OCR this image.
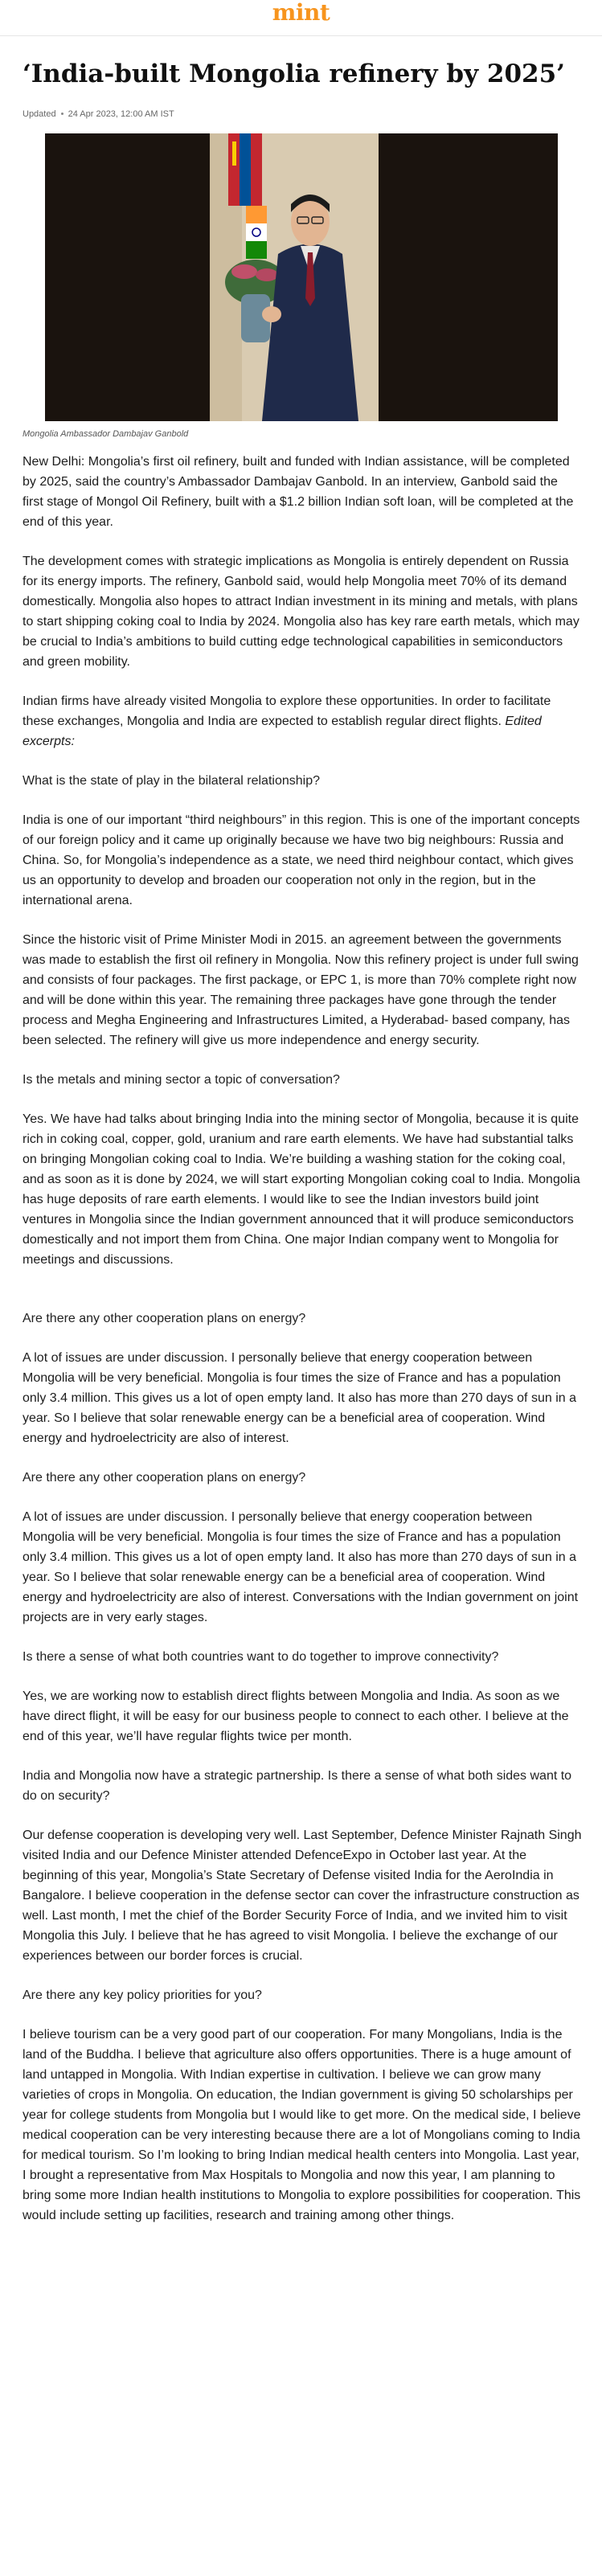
mint
‘India-built Mongolia refinery by 2025’
Updated 24 Apr 2023, 12:00 AM IST
Mongolia Ambassador Dambajav Ganbold

New Delhi: Mongolia’s first oil refinery, built and funded with Indian assistance, will be completed by 2025, said the country’s Ambassador Dambajav Ganbold. In an interview, Ganbold said the first stage of Mongol Oil Refinery, built with a $1.2 billion Indian soft loan, will be completed at the end of this year.

The development comes with strategic implications as Mongolia is entirely dependent on Russia for its energy imports. The refinery, Ganbold said, would help Mongolia meet 70% of its demand domestically. Mongolia also hopes to attract Indian investment in its mining and metals, with plans to start shipping coking coal to India by 2024. Mongolia also has key rare earth metals, which may be crucial to India’s ambitions to build cutting edge technological capabilities in semiconductors and green mobility.

Indian firms have already visited Mongolia to explore these opportunities. In order to facilitate these exchanges, Mongolia and India are expected to establish regular direct flights. Edited excerpts:

What is the state of play in the bilateral relationship?

India is one of our important “third neighbours” in this region. This is one of the important concepts of our foreign policy and it came up originally because we have two big neighbours: Russia and China. So, for Mongolia’s independence as a state, we need third neighbour contact, which gives us an opportunity to develop and broaden our cooperation not only in the region, but in the international arena.

Since the historic visit of Prime Minister Modi in 2015. an agreement between the governments was made to establish the first oil refinery in Mongolia. Now this refinery project is under full swing and consists of four packages. The first package, or EPC 1, is more than 70% complete right now and will be done within this year. The remaining three packages have gone through the tender process and Megha Engineering and Infrastructures Limited, a Hyderabad- based company, has been selected. The refinery will give us more independence and energy security.

Is the metals and mining sector a topic of conversation?

Yes. We have had talks about bringing India into the mining sector of Mongolia, because it is quite rich in coking coal, copper, gold, uranium and rare earth elements. We have had substantial talks on bringing Mongolian coking coal to India. We’re building a washing station for the coking coal, and as soon as it is done by 2024, we will start exporting Mongolian coking coal to India. Mongolia has huge deposits of rare earth elements. I would like to see the Indian investors build joint ventures in Mongolia since the Indian government announced that it will produce semiconductors domestically and not import them from China. One major Indian company went to Mongolia for meetings and discussions.

Are there any other cooperation plans on energy?

A lot of issues are under discussion. I personally believe that energy cooperation between Mongolia will be very beneficial. Mongolia is four times the size of France and has a population only 3.4 million. This gives us a lot of open empty land. It also has more than 270 days of sun in a year. So I believe that solar renewable energy can be a beneficial area of cooperation. Wind energy and hydroelectricity are also of interest.

Are there any other cooperation plans on energy?

A lot of issues are under discussion. I personally believe that energy cooperation between Mongolia will be very beneficial. Mongolia is four times the size of France and has a population only 3.4 million. This gives us a lot of open empty land. It also has more than 270 days of sun in a year. So I believe that solar renewable energy can be a beneficial area of cooperation. Wind energy and hydroelectricity are also of interest. Conversations with the Indian government on joint projects are in very early stages.

Is there a sense of what both countries want to do together to improve connectivity?

Yes, we are working now to establish direct flights between Mongolia and India. As soon as we have direct flight, it will be easy for our business people to connect to each other. I believe at the end of this year, we’ll have regular flights twice per month.

India and Mongolia now have a strategic partnership. Is there a sense of what both sides want to do on security?

Our defense cooperation is developing very well. Last September, Defence Minister Rajnath Singh visited India and our Defence Minister attended DefenceExpo in October last year. At the beginning of this year, Mongolia’s State Secretary of Defense visited India for the AeroIndia in Bangalore. I believe cooperation in the defense sector can cover the infrastructure construction as well. Last month, I met the chief of the Border Security Force of India, and we invited him to visit Mongolia this July. I believe that he has agreed to visit Mongolia. I believe the exchange of our experiences between our border forces is crucial.

Are there any key policy priorities for you?

I believe tourism can be a very good part of our cooperation. For many Mongolians, India is the land of the Buddha. I believe that agriculture also offers opportunities. There is a huge amount of land untapped in Mongolia. With Indian expertise in cultivation. I believe we can grow many varieties of crops in Mongolia. On education, the Indian government is giving 50 scholarships per year for college students from Mongolia but I would like to get more. On the medical side, I believe medical cooperation can be very interesting because there are a lot of Mongolians coming to India for medical tourism. So I’m looking to bring Indian medical health centers into Mongolia. Last year, I brought a representative from Max Hospitals to Mongolia and now this year, I am planning to bring some more Indian health institutions to Mongolia to explore possibilities for cooperation. This would include setting up facilities, research and training among other things.
